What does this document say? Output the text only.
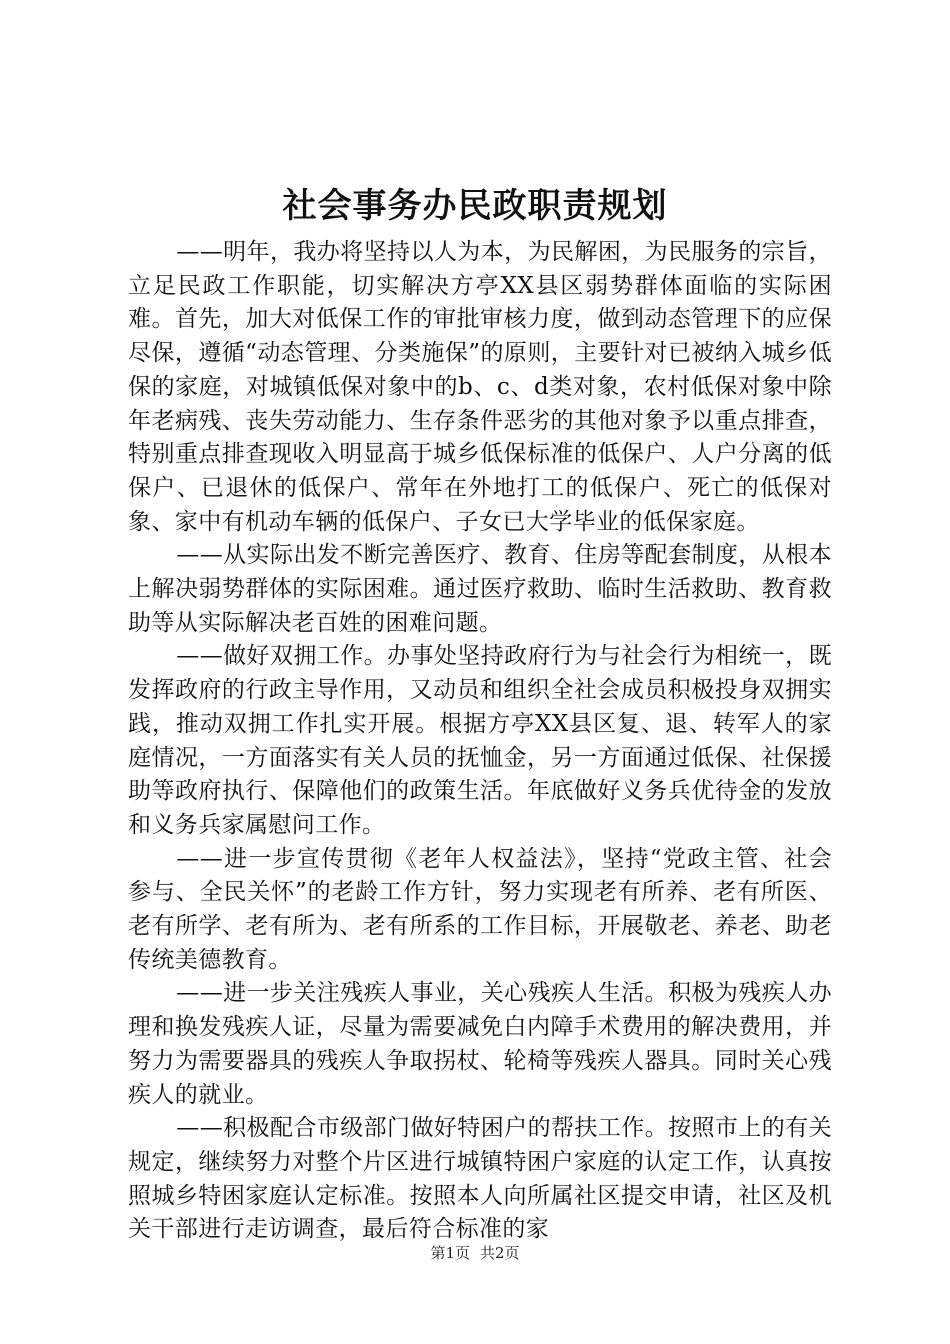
社会事务办民政职责规划

——明年，我办将坚持以人为本，为民解困，为民服务的宗旨，立足民政工作职能，切实解决方亭XX县区弱势群体面临的实际困难。首先，加大对低保工作的审批审核力度，做到动态管理下的应保尽保，遵循“动态管理、分类施保”的原则，主要针对已被纳入城乡低保的家庭，对城镇低保对象中的b、c、d类对象，农村低保对象中除年老病残、丧失劳动能力、生存条件恶劣的其他对象予以重点排查，特别重点排查现收入明显高于城乡低保标准的低保户、人户分离的低保户、已退休的低保户、常年在外地打工的低保户、死亡的低保对象、家中有机动车辆的低保户、子女已大学毕业的低保家庭。

——从实际出发不断完善医疗、教育、住房等配套制度，从根本上解决弱势群体的实际困难。通过医疗救助、临时生活救助、教育救助等从实际解决老百姓的困难问题。

——做好双拥工作。办事处坚持政府行为与社会行为相统一，既发挥政府的行政主导作用，又动员和组织全社会成员积极投身双拥实践，推动双拥工作扎实开展。根据方亭XX县区复、退、转军人的家庭情况，一方面落实有关人员的抚恤金，另一方面通过低保、社保援助等政府执行、保障他们的政策生活。年底做好义务兵优待金的发放和义务兵家属慰问工作。

——进一步宣传贯彻《老年人权益法》，坚持“党政主管、社会参与、全民关怀”的老龄工作方针，努力实现老有所养、老有所医、老有所学、老有所为、老有所系的工作目标，开展敬老、养老、助老传统美德教育。

——进一步关注残疾人事业，关心残疾人生活。积极为残疾人办理和换发残疾人证，尽量为需要减免白内障手术费用的解决费用，并努力为需要器具的残疾人争取拐杖、轮椅等残疾人器具。同时关心残疾人的就业。

——积极配合市级部门做好特困户的帮扶工作。按照市上的有关规定，继续努力对整个片区进行城镇特困户家庭的认定工作，认真按照城乡特困家庭认定标准。按照本人向所属社区提交申请，社区及机关干部进行走访调查，最后符合标准的家

第1页 共2页
